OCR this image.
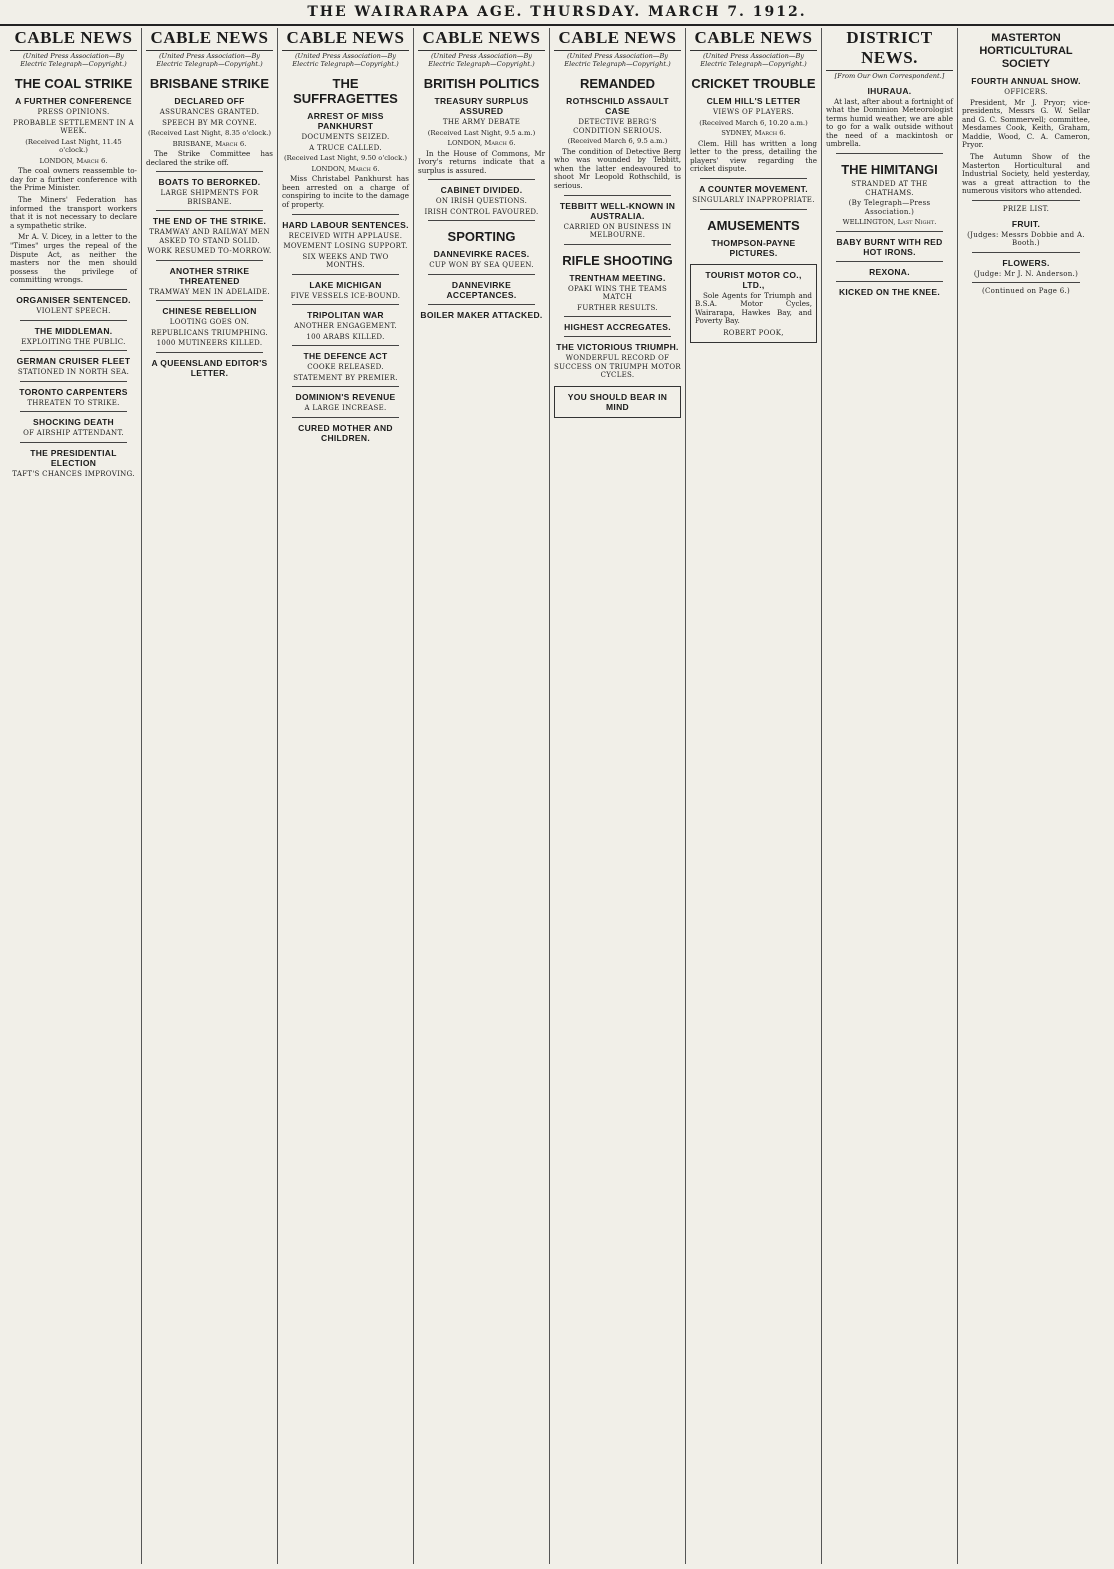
THE WAIRARAPA AGE. THURSDAY. MARCH 7. 1912.
CABLE NEWS
(United Press Association—By Electric Telegraph—Copyright.)
THE COAL STRIKE
A FURTHER CONFERENCE
PRESS OPINIONS.
PROBABLE SETTLEMENT IN A WEEK.
(Received Last Night, 11.45 o'clock.)
LONDON, March 6.

The coal owners reassemble to-day for a further conference with the Prime Minister.

The Miners' Federation has informed the transport workers that it is not necessary to declare a sympathetic strike.

Mr A. V. Dicey, in a letter to the "Times" urges the repeal of the Dispute Act, as neither the masters nor the men should possess the privilege of committing wrongs.

ORGANISER SENTENCED.
VIOLENT SPEECH.
THE MIDDLEMAN.
EXPLOITING THE PUBLIC.
GERMAN CRUISER FLEET
STATIONED IN NORTH SEA.
TORONTO CARPENTERS
THREATEN TO STRIKE.
SHOCKING DEATH
OF AIRSHIP ATTENDANT.
THE PRESIDENTIAL ELECTION
TAFT'S CHANCES IMPROVING.
CABLE NEWS
(United Press Association—By Electric Telegraph—Copyright.)
BRISBANE STRIKE
DECLARED OFF
ASSURANCES GRANTED.
SPEECH BY MR COYNE.
(Received Last Night, 8.35 o'clock.)
BRISBANE, March 6.

The Strike Committee has declared the strike off.

BOATS TO BERORKED.
LARGE SHIPMENTS FOR BRISBANE.
THE END OF THE STRIKE.
TRAMWAY AND RAILWAY MEN ASKED TO STAND SOLID.
WORK RESUMED TO-MORROW.
ANOTHER STRIKE THREATENED
TRAMWAY MEN IN ADELAIDE.
CHINESE REBELLION
LOOTING GOES ON.
REPUBLICANS TRIUMPHING.
1000 MUTINEERS KILLED.
A QUEENSLAND EDITOR'S LETTER.
CABLE NEWS
(United Press Association—By Electric Telegraph—Copyright.)
THE SUFFRAGETTES
ARREST OF MISS PANKHURST
DOCUMENTS SEIZED.
A TRUCE CALLED.
(Received Last Night, 9.50 o'clock.)
LONDON, March 6.

Miss Christabel Pankhurst has been arrested on a charge of conspiring to incite to the damage of property.

HARD LABOUR SENTENCES.
RECEIVED WITH APPLAUSE.
MOVEMENT LOSING SUPPORT.
SIX WEEKS AND TWO MONTHS.
LAKE MICHIGAN
FIVE VESSELS ICE-BOUND.
TRIPOLITAN WAR
ANOTHER ENGAGEMENT.
100 ARABS KILLED.
THE DEFENCE ACT
COOKE RELEASED.
STATEMENT BY PREMIER.
DOMINION'S REVENUE
A LARGE INCREASE.
CURED MOTHER AND CHILDREN.
CABLE NEWS
(United Press Association—By Electric Telegraph—Copyright.)
BRITISH POLITICS
TREASURY SURPLUS ASSURED
THE ARMY DEBATE
(Received Last Night, 9.5 a.m.)
LONDON, March 6.

In the House of Commons, Mr Ivory's returns indicate that a surplus is assured.

CABINET DIVIDED.
ON IRISH QUESTIONS.
IRISH CONTROL FAVOURED.
SPORTING
DANNEVIRKE RACES.
CUP WON BY SEA QUEEN.
DANNEVIRKE ACCEPTANCES.
BOILER MAKER ATTACKED.
CABLE NEWS
(United Press Association—By Electric Telegraph—Copyright.)
REMANDED
ROTHSCHILD ASSAULT CASE
DETECTIVE BERG'S CONDITION SERIOUS.
(Received March 6, 9.5 a.m.)

The condition of Detective Berg who was wounded by Tebbitt, when the latter endeavoured to shoot Mr Leopold Rothschild, is serious.

TEBBITT WELL-KNOWN IN AUSTRALIA.
CARRIED ON BUSINESS IN MELBOURNE.
RIFLE SHOOTING
TRENTHAM MEETING.
OPAKI WINS THE TEAMS MATCH
FURTHER RESULTS.
HIGHEST ACCREGATES.
THE VICTORIOUS TRIUMPH.
WONDERFUL RECORD OF SUCCESS ON TRIUMPH MOTOR CYCLES.
YOU SHOULD BEAR IN MIND
CABLE NEWS
(United Press Association—By Electric Telegraph—Copyright.)
CRICKET TROUBLE
CLEM HILL'S LETTER
VIEWS OF PLAYERS.
(Received March 6, 10.20 a.m.)
SYDNEY, March 6.

Clem. Hill has written a long letter to the press, detailing the players' view regarding the cricket dispute.

A COUNTER MOVEMENT.
SINGULARLY INAPPROPRIATE.
AMUSEMENTS
THOMPSON-PAYNE PICTURES.
TOURIST MOTOR CO., LTD.,

Sole Agents for Triumph and B.S.A. Motor Cycles, Wairarapa, Hawkes Bay, and Poverty Bay.

ROBERT POOK,
DISTRICT NEWS.
[From Our Own Correspondent.]
IHURAUA.

At last, after about a fortnight of what the Dominion Meteorologist terms humid weather, we are able to go for a walk outside without the need of a mackintosh or umbrella.

THE HIMITANGI
STRANDED AT THE CHATHAMS.
(By Telegraph—Press Association.)
WELLINGTON, Last Night.
BABY BURNT WITH RED HOT IRONS.
REXONA.
KICKED ON THE KNEE.
MASTERTON HORTICULTURAL SOCIETY
FOURTH ANNUAL SHOW.
OFFICERS.

President, Mr J. Pryor; vice-presidents, Messrs G. W. Sellar and G. C. Sommervell; committee, Mesdames Cook, Keith, Graham, Maddie, Wood, C. A. Cameron, Pryor.

The Autumn Show of the Masterton Horticultural and Industrial Society, held yesterday, was a great attraction to the numerous visitors who attended.

PRIZE LIST.
FRUIT.
(Judges: Messrs Dobbie and A. Booth.)
FLOWERS.
(Judge: Mr J. N. Anderson.)
(Continued on Page 6.)
